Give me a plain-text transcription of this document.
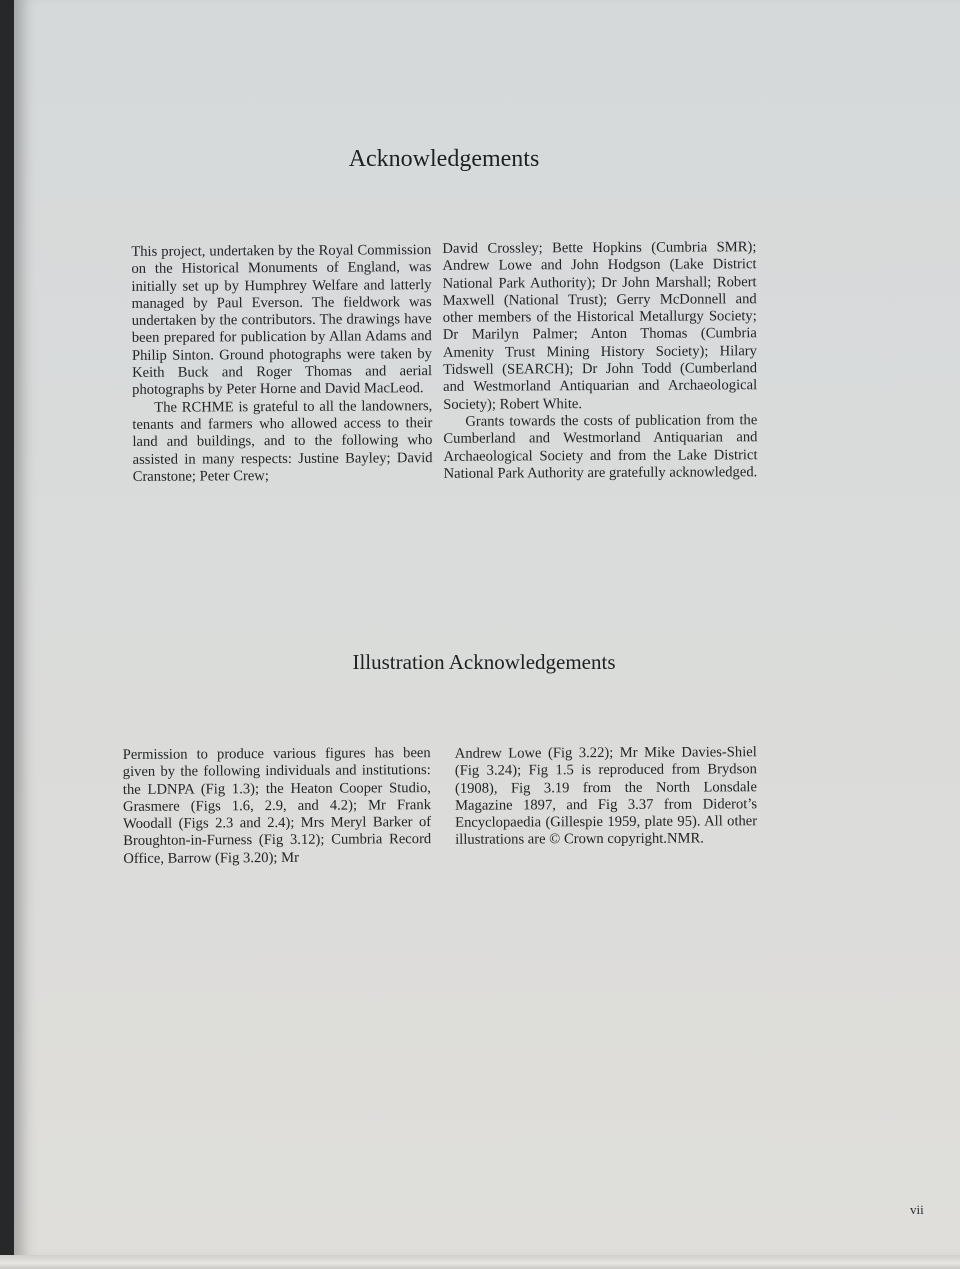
Acknowledgements

This project, undertaken by the Royal Commission on the Historical Monuments of England, was initially set up by Humphrey Welfare and latterly managed by Paul Everson. The fieldwork was undertaken by the contributors. The drawings have been prepared for publication by Allan Adams and Philip Sinton. Ground photographs were taken by Keith Buck and Roger Thomas and aerial photographs by Peter Horne and David MacLeod.

The RCHME is grateful to all the landowners, tenants and farmers who allowed access to their land and buildings, and to the following who assisted in many respects: Justine Bayley; David Cranstone; Peter Crew;

David Crossley; Bette Hopkins (Cumbria SMR); Andrew Lowe and John Hodgson (Lake District National Park Authority); Dr John Marshall; Robert Maxwell (National Trust); Gerry McDonnell and other members of the Historical Metallurgy Society; Dr Marilyn Palmer; Anton Thomas (Cumbria Amenity Trust Mining History Society); Hilary Tidswell (SEARCH); Dr John Todd (Cumberland and Westmorland Antiquarian and Archaeological Society); Robert White.

Grants towards the costs of publication from the Cumberland and Westmorland Antiquarian and Archaeological Society and from the Lake District National Park Authority are gratefully acknowledged.

Illustration Acknowledgements

Permission to produce various figures has been given by the following individuals and institutions: the LDNPA (Fig 1.3); the Heaton Cooper Studio, Grasmere (Figs 1.6, 2.9, and 4.2); Mr Frank Woodall (Figs 2.3 and 2.4); Mrs Meryl Barker of Broughton-in-Furness (Fig 3.12); Cumbria Record Office, Barrow (Fig 3.20); Mr

Andrew Lowe (Fig 3.22); Mr Mike Davies-Shiel (Fig 3.24); Fig 1.5 is reproduced from Brydson (1908), Fig 3.19 from the North Lonsdale Magazine 1897, and Fig 3.37 from Diderot’s Encyclopaedia (Gillespie 1959, plate 95). All other illustrations are © Crown copyright.NMR.

vii
